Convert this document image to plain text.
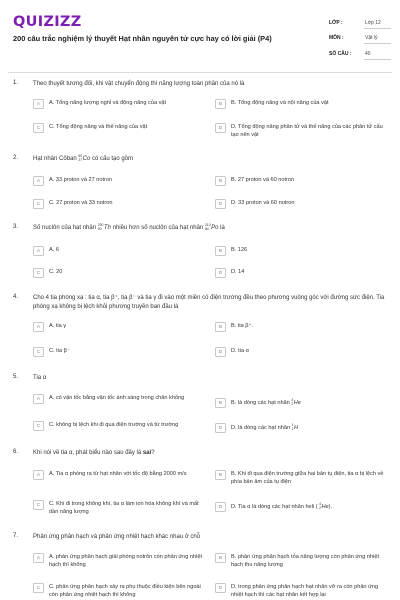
QUIZIZZ
200 câu trắc nghiệm lý thuyết Hạt nhân nguyên tử cực hay có lời giải (P4)
LỚP :	Lớp 12
MÔN :	Vật lý
SỐ CÂU :	40
1. Theo thuyết tương đối, khi vật chuyển động thì năng lượng toàn phần của nó là
A	A. Tổng năng lượng nghỉ và động năng của vật	B	B. Tổng động năng và nội năng của vật
C	C. Tổng động năng và thế năng của vật	D	D. Tổng động năng phân tử và thế năng của các phân tử cấu tạo nên vật
2. Hạt nhân Côban
60
27 Co có cấu tạo gồm
A	A. 33 proton và 27 notron	B	B. 27 proton và 60 notron
C	C. 27 proton và 33 notron	D	D. 33 proton và 60 notron
3. Số nuclôn của hạt nhân
230
90 Th nhiều hơn số nuclôn của hạt nhân
210
84 Po là
A	A. 6	B	B. 126
C	C. 20	D	D. 14
4. Cho 4 tia phóng xạ : tia α, tia β⁺, tia β⁻ và tia γ đi vào một miền có điện trường đều theo phương vuông góc với đường sức điện. Tia phóng xạ không bị lệch khỏi phương truyền ban đầu là
A	A. tia γ	B	B. tia β⁺.
C	C. tia β⁻	D	D. tia α
5. Tia α
A	A. có vận tốc bằng vận tốc ánh sáng trong chân không
B	B. là dòng các hạt nhân
4
2 He
C	C. không bị lệch khi đi qua điện trường và từ trường
D	D. là dòng các hạt nhân
1
1 H
6. Khi nói về tia α, phát biểu nào sau đây là sai?
A	A. Tia α phóng ra từ hạt nhân với tốc độ bằng 2000 m/s	B	B. Khi đi qua điện trường giữa hai bản tụ điện, tia α bị lệch về phía bản âm của tụ điện
C	C. Khi đi trong không khí, tia α làm ion hóa không khí và mất dần năng lượng
D	D. Tia α là dòng các hạt nhân heli (
4
2 He).
7. Phản ứng phân hạch và phản ứng nhiệt hạch khác nhau ở chỗ
A	A. phản ứng phân hạch giải phóng notrôn còn phản ứng nhiệt hạch thì không
B	B. phản ứng phân hạch tỏa năng lượng còn phản ứng nhiệt hạch thu năng lượng
C	C. phản ứng phân hạch xảy ra phụ thuộc điều kiện bên ngoài còn phản ứng nhiệt hạch thì không
D	D. trong phản ứng phân hạch hạt nhân vỡ ra còn phản ứng nhiệt hạch thì các hạt nhân kết hợp lại
